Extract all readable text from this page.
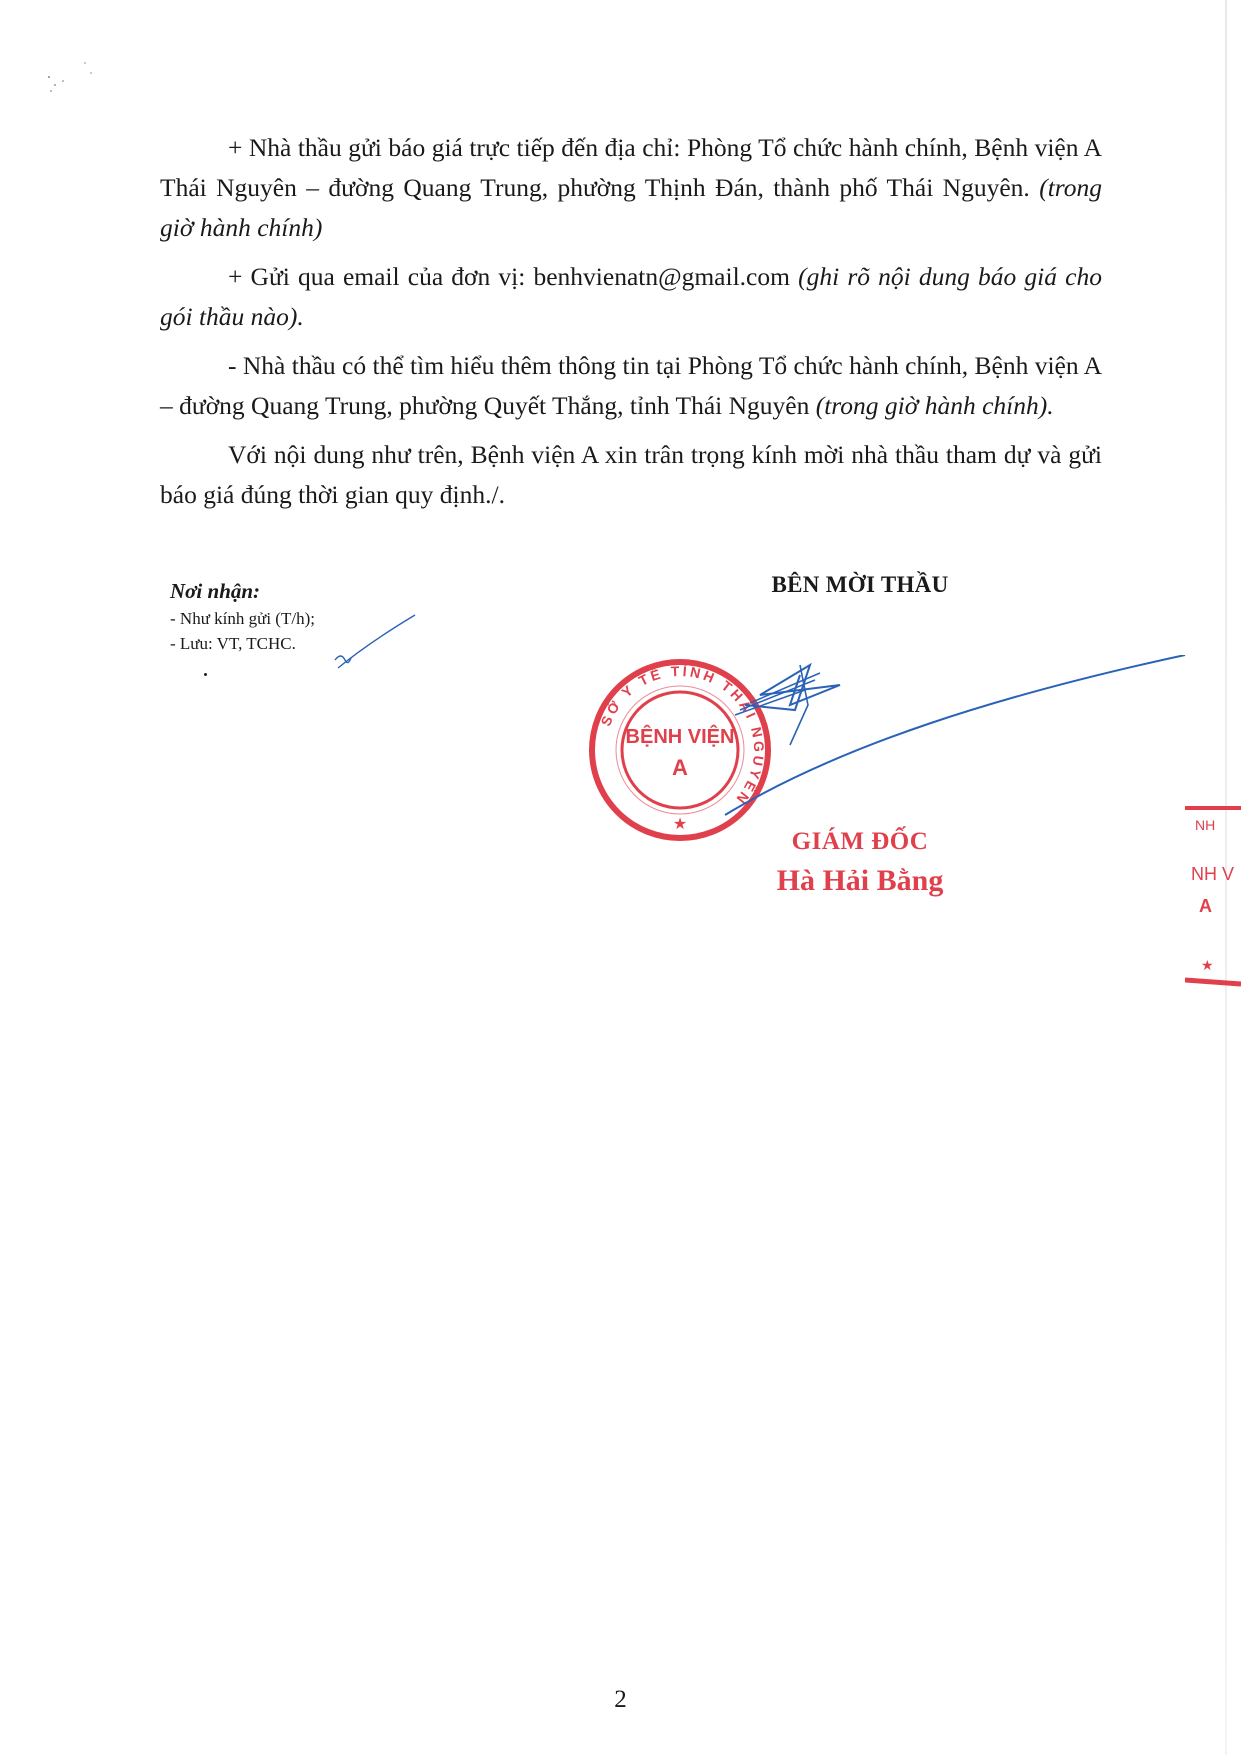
+ Nhà thầu gửi báo giá trực tiếp đến địa chỉ: Phòng Tổ chức hành chính, Bệnh viện A Thái Nguyên – đường Quang Trung, phường Thịnh Đán, thành phố Thái Nguyên. (trong giờ hành chính)

+ Gửi qua email của đơn vị: benhvienatn@gmail.com (ghi rõ nội dung báo giá cho gói thầu nào).

- Nhà thầu có thể tìm hiểu thêm thông tin tại Phòng Tổ chức hành chính, Bệnh viện A – đường Quang Trung, phường Quyết Thắng, tỉnh Thái Nguyên (trong giờ hành chính).

Với nội dung như trên, Bệnh viện A xin trân trọng kính mời nhà thầu tham dự và gửi báo giá đúng thời gian quy định./.

Nơi nhận:
- Như kính gửi (T/h);
- Lưu: VT, TCHC.
BÊN MỜI THẦU
BỆNH VIỆN
A
SỞ Y TẾ TỈNH THÁI NGUYÊN
★
GIÁM ĐỐC
Hà Hải Bằng
NH
NH V
A
★
2
